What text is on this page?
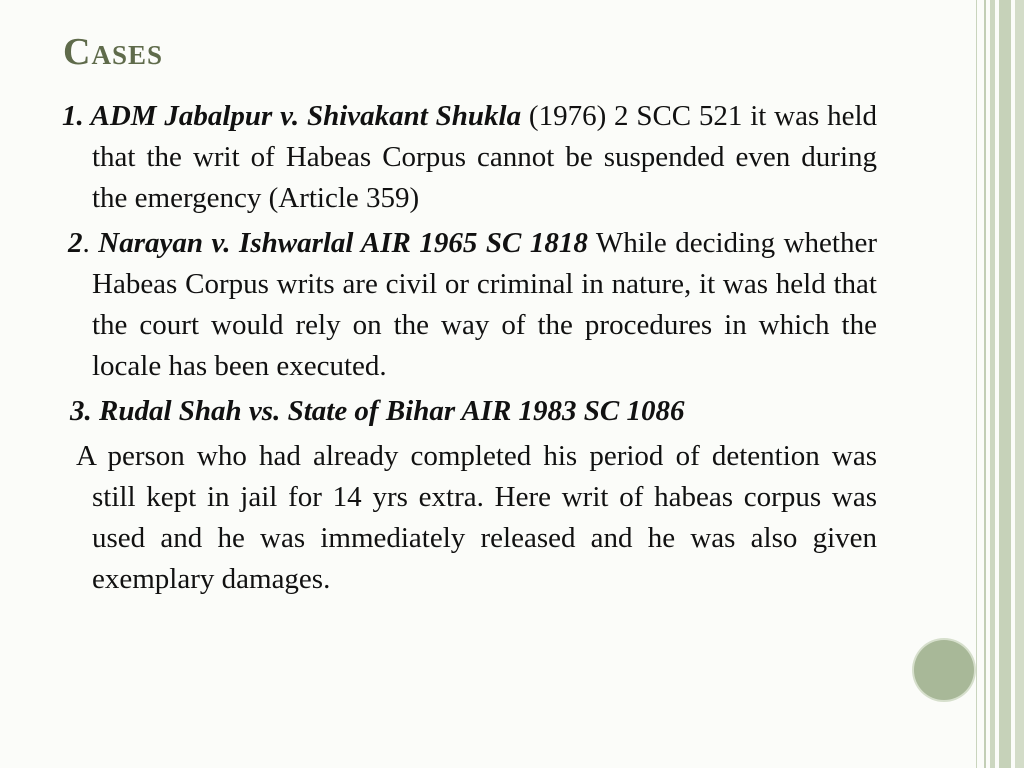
Cases

1. ADM Jabalpur v. Shivakant Shukla (1976) 2 SCC 521 it was held that the writ of Habeas Corpus cannot be suspended even during the emergency (Article 359)

2. Narayan v. Ishwarlal AIR 1965 SC 1818 While deciding whether Habeas Corpus writs are civil or criminal in nature, it was held that the court would rely on the way of the procedures in which the locale has been executed.

3. Rudal Shah vs. State of Bihar AIR 1983 SC 1086

A person who had already completed his period of detention was still kept in jail for 14 yrs extra. Here writ of habeas corpus was used and he was immediately released and he was also given exemplary damages.
